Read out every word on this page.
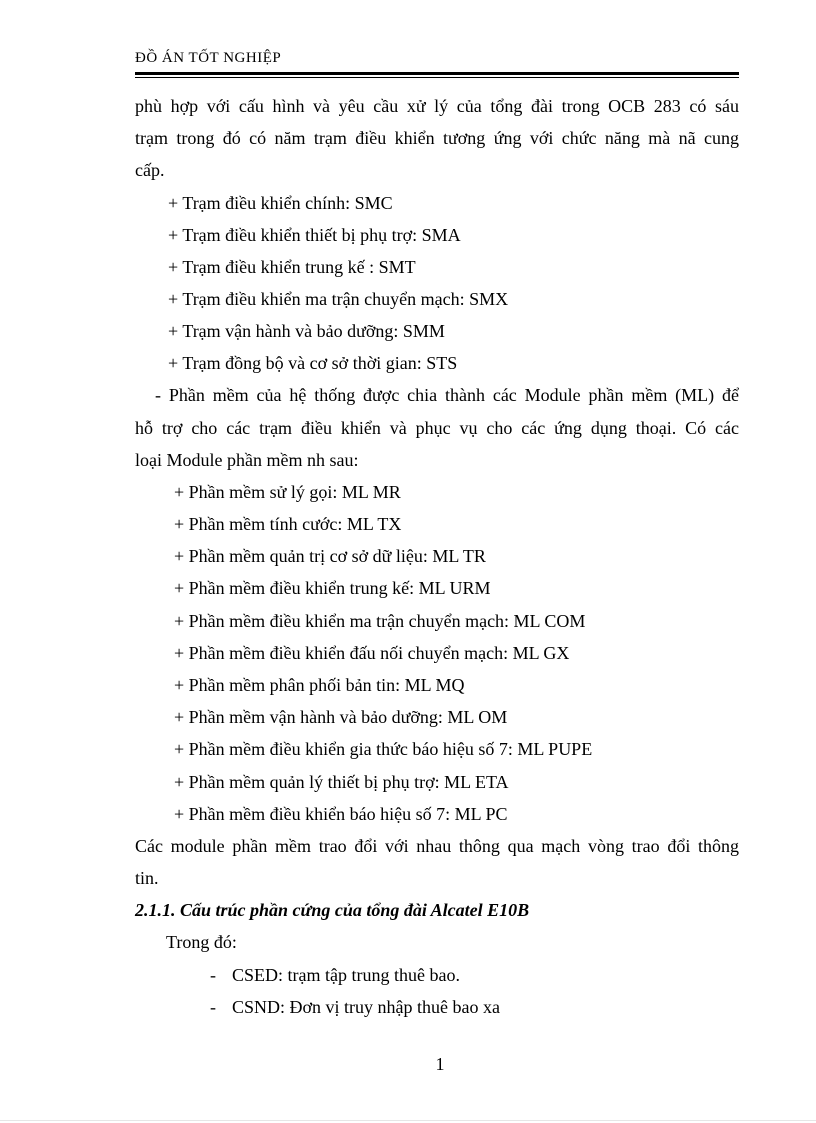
ĐỒ ÁN TỐT NGHIỆP
phù hợp với cấu hình và yêu cầu xử lý của tổng đài trong OCB 283 có sáu
trạm trong đó có năm trạm điều khiển tương ứng với chức năng mà nã cung
cấp.
+ Trạm điều khiển chính: SMC
+ Trạm điều khiển thiết bị phụ trợ: SMA
+ Trạm điều khiển trung kế : SMT
+ Trạm điều khiển ma trận chuyển mạch: SMX
+ Trạm vận hành và bảo dưỡng: SMM
+ Trạm đồng bộ và cơ sở thời gian: STS
- Phần mềm của hệ thống được chia thành các Module phần mềm (ML) để
hỗ trợ cho các trạm điều khiển và phục vụ cho các ứng dụng thoại. Có các
loại Module phần mềm nh sau:
+ Phần mềm sử lý gọi: ML MR
+ Phần mềm tính cước: ML TX
+ Phần mềm quản trị cơ sở dữ liệu: ML TR
+ Phần mềm điều khiển trung kế: ML URM
+ Phần mềm điều khiển ma trận chuyển mạch: ML COM
+ Phần mềm điều khiển đấu nối chuyển mạch: ML GX
+ Phần mềm phân phối bản tin: ML MQ
+ Phần mềm vận hành và bảo dưỡng: ML OM
+ Phần mềm điều khiển gia thức báo hiệu số 7: ML PUPE
+ Phần mềm quản lý thiết bị phụ trợ: ML ETA
+ Phần mềm điều khiển báo hiệu số 7: ML PC
Các module phần mềm trao đổi với nhau thông qua mạch vòng trao đổi thông
tin.
2.1.1. Cấu trúc phần cứng của tổng đài Alcatel E10B
Trong đó:
- CSED: trạm tập trung thuê bao.
- CSND: Đơn vị truy nhập thuê bao xa
1
